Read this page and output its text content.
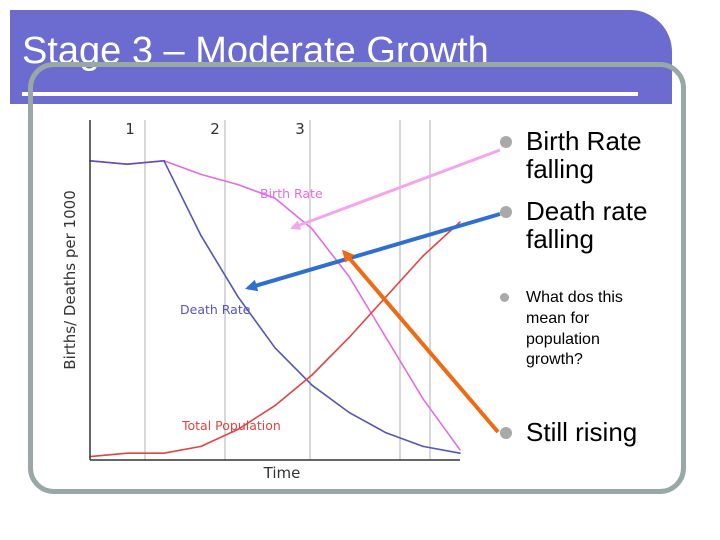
Stage 3 – Moderate Growth
1	2	3
Birth Rate
Death Rate
Total Population
Time
Births/ Deaths per 1000
Birth Rate falling
Death rate falling
What dos this mean for population growth?
Still rising
